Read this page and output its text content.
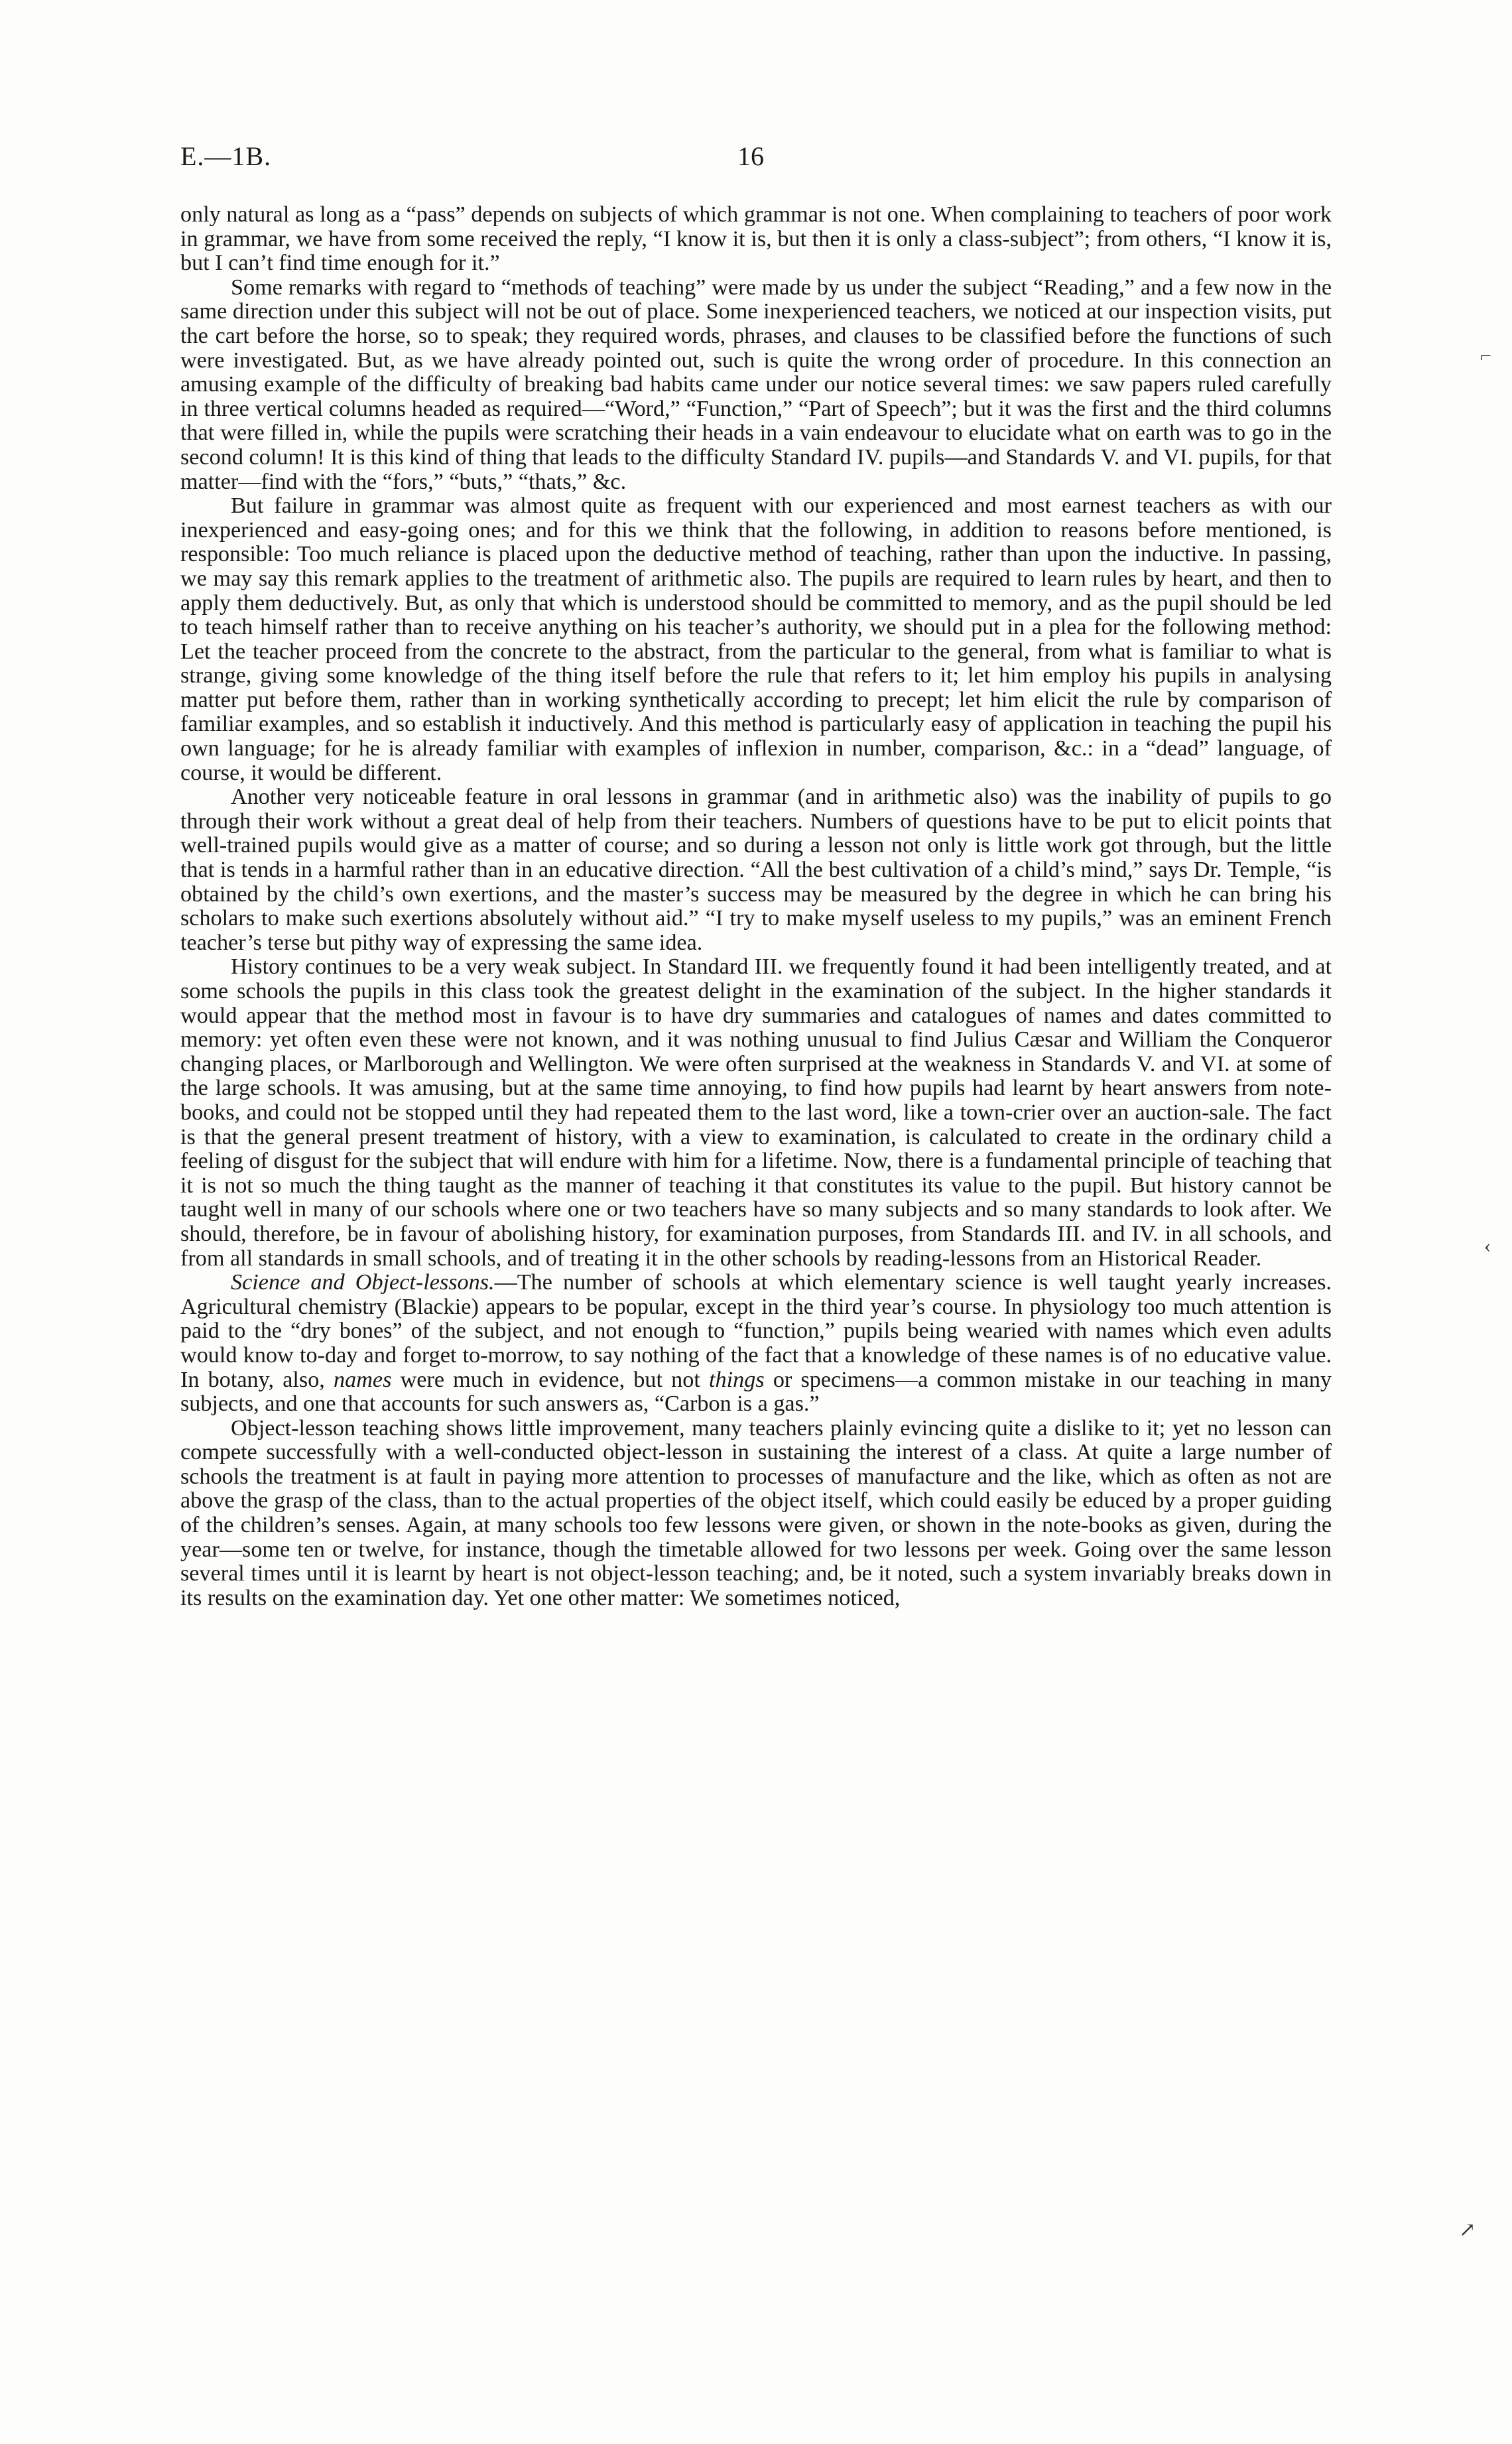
E.—1B.	16

only natural as long as a “pass” depends on subjects of which grammar is not one. When complaining to teachers of poor work in grammar, we have from some received the reply, “I know it is, but then it is only a class-subject”; from others, “I know it is, but I can’t find time enough for it.”

Some remarks with regard to “methods of teaching” were made by us under the subject “Reading,” and a few now in the same direction under this subject will not be out of place. Some inexperienced teachers, we noticed at our inspection visits, put the cart before the horse, so to speak; they required words, phrases, and clauses to be classified before the functions of such were investigated. But, as we have already pointed out, such is quite the wrong order of procedure. In this connection an amusing example of the difficulty of breaking bad habits came under our notice several times: we saw papers ruled carefully in three vertical columns headed as required—“Word,” “Function,” “Part of Speech”; but it was the first and the third columns that were filled in, while the pupils were scratching their heads in a vain endeavour to elucidate what on earth was to go in the second column! It is this kind of thing that leads to the difficulty Standard IV. pupils—and Standards V. and VI. pupils, for that matter—find with the “fors,” “buts,” “thats,” &c.

But failure in grammar was almost quite as frequent with our experienced and most earnest teachers as with our inexperienced and easy-going ones; and for this we think that the following, in addition to reasons before mentioned, is responsible: Too much reliance is placed upon the deductive method of teaching, rather than upon the inductive. In passing, we may say this remark applies to the treatment of arithmetic also. The pupils are required to learn rules by heart, and then to apply them deductively. But, as only that which is understood should be committed to memory, and as the pupil should be led to teach himself rather than to receive anything on his teacher’s authority, we should put in a plea for the following method: Let the teacher proceed from the concrete to the abstract, from the particular to the general, from what is familiar to what is strange, giving some knowledge of the thing itself before the rule that refers to it; let him employ his pupils in analysing matter put before them, rather than in working synthetically according to precept; let him elicit the rule by comparison of familiar examples, and so establish it inductively. And this method is particularly easy of application in teaching the pupil his own language; for he is already familiar with examples of inflexion in number, comparison, &c.: in a “dead” language, of course, it would be different.

Another very noticeable feature in oral lessons in grammar (and in arithmetic also) was the inability of pupils to go through their work without a great deal of help from their teachers. Numbers of questions have to be put to elicit points that well-trained pupils would give as a matter of course; and so during a lesson not only is little work got through, but the little that is tends in a harmful rather than in an educative direction. “All the best cultivation of a child’s mind,” says Dr. Temple, “is obtained by the child’s own exertions, and the master’s success may be measured by the degree in which he can bring his scholars to make such exertions absolutely without aid.” “I try to make myself useless to my pupils,” was an eminent French teacher’s terse but pithy way of expressing the same idea.

History continues to be a very weak subject. In Standard III. we frequently found it had been intelligently treated, and at some schools the pupils in this class took the greatest delight in the examination of the subject. In the higher standards it would appear that the method most in favour is to have dry summaries and catalogues of names and dates committed to memory: yet often even these were not known, and it was nothing unusual to find Julius Cæsar and William the Conqueror changing places, or Marlborough and Wellington. We were often surprised at the weakness in Standards V. and VI. at some of the large schools. It was amusing, but at the same time annoying, to find how pupils had learnt by heart answers from note-books, and could not be stopped until they had repeated them to the last word, like a town-crier over an auction-sale. The fact is that the general present treatment of history, with a view to examination, is calculated to create in the ordinary child a feeling of disgust for the subject that will endure with him for a lifetime. Now, there is a fundamental principle of teaching that it is not so much the thing taught as the manner of teaching it that constitutes its value to the pupil. But history cannot be taught well in many of our schools where one or two teachers have so many subjects and so many standards to look after. We should, therefore, be in favour of abolishing history, for examination purposes, from Standards III. and IV. in all schools, and from all standards in small schools, and of treating it in the other schools by reading-lessons from an Historical Reader.

Science and Object-lessons.—The number of schools at which elementary science is well taught yearly increases. Agricultural chemistry (Blackie) appears to be popular, except in the third year’s course. In physiology too much attention is paid to the “dry bones” of the subject, and not enough to “function,” pupils being wearied with names which even adults would know to-day and forget to-morrow, to say nothing of the fact that a knowledge of these names is of no educative value. In botany, also, names were much in evidence, but not things or specimens—a common mistake in our teaching in many subjects, and one that accounts for such answers as, “Carbon is a gas.”

Object-lesson teaching shows little improvement, many teachers plainly evincing quite a dislike to it; yet no lesson can compete successfully with a well-conducted object-lesson in sustaining the interest of a class. At quite a large number of schools the treatment is at fault in paying more attention to processes of manufacture and the like, which as often as not are above the grasp of the class, than to the actual properties of the object itself, which could easily be educed by a proper guiding of the children’s senses. Again, at many schools too few lessons were given, or shown in the note-books as given, during the year—some ten or twelve, for instance, though the timetable allowed for two lessons per week. Going over the same lesson several times until it is learnt by heart is not object-lesson teaching; and, be it noted, such a system invariably breaks down in its results on the examination day. Yet one other matter: We sometimes noticed,

⌐
‹
↗
